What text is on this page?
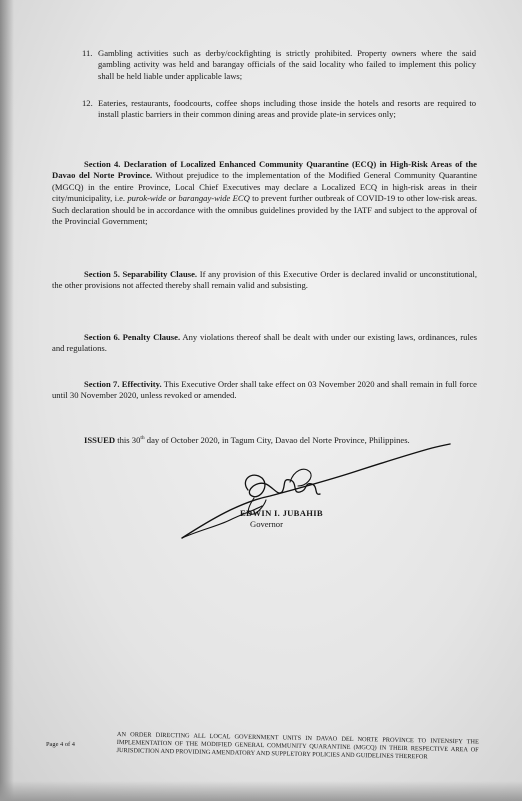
11. Gambling activities such as derby/cockfighting is strictly prohibited. Property owners where the said gambling activity was held and barangay officials of the said locality who failed to implement this policy shall be held liable under applicable laws;
12. Eateries, restaurants, foodcourts, coffee shops including those inside the hotels and resorts are required to install plastic barriers in their common dining areas and provide plate-in services only;
Section 4. Declaration of Localized Enhanced Community Quarantine (ECQ) in High-Risk Areas of the Davao del Norte Province. Without prejudice to the implementation of the Modified General Community Quarantine (MGCQ) in the entire Province, Local Chief Executives may declare a Localized ECQ in high-risk areas in their city/municipality, i.e. purok-wide or barangay-wide ECQ to prevent further outbreak of COVID-19 to other low-risk areas. Such declaration should be in accordance with the omnibus guidelines provided by the IATF and subject to the approval of the Provincial Government;
Section 5. Separability Clause. If any provision of this Executive Order is declared invalid or unconstitutional, the other provisions not affected thereby shall remain valid and subsisting.
Section 6. Penalty Clause. Any violations thereof shall be dealt with under our existing laws, ordinances, rules and regulations.
Section 7. Effectivity. This Executive Order shall take effect on 03 November 2020 and shall remain in full force until 30 November 2020, unless revoked or amended.
ISSUED this 30th day of October 2020, in Tagum City, Davao del Norte Province, Philippines.
EDWIN I. JUBAHIB
Governor
Page 4 of 4	AN ORDER DIRECTING ALL LOCAL GOVERNMENT UNITS IN DAVAO DEL NORTE PROVINCE TO INTENSIFY THE IMPLEMENTATION OF THE MODIFIED GENERAL COMMUNITY QUARANTINE (MGCQ) IN THEIR RESPECTIVE AREA OF JURISDICTION AND PROVIDING AMENDATORY AND SUPPLETORY POLICIES AND GUIDELINES THEREFOR
